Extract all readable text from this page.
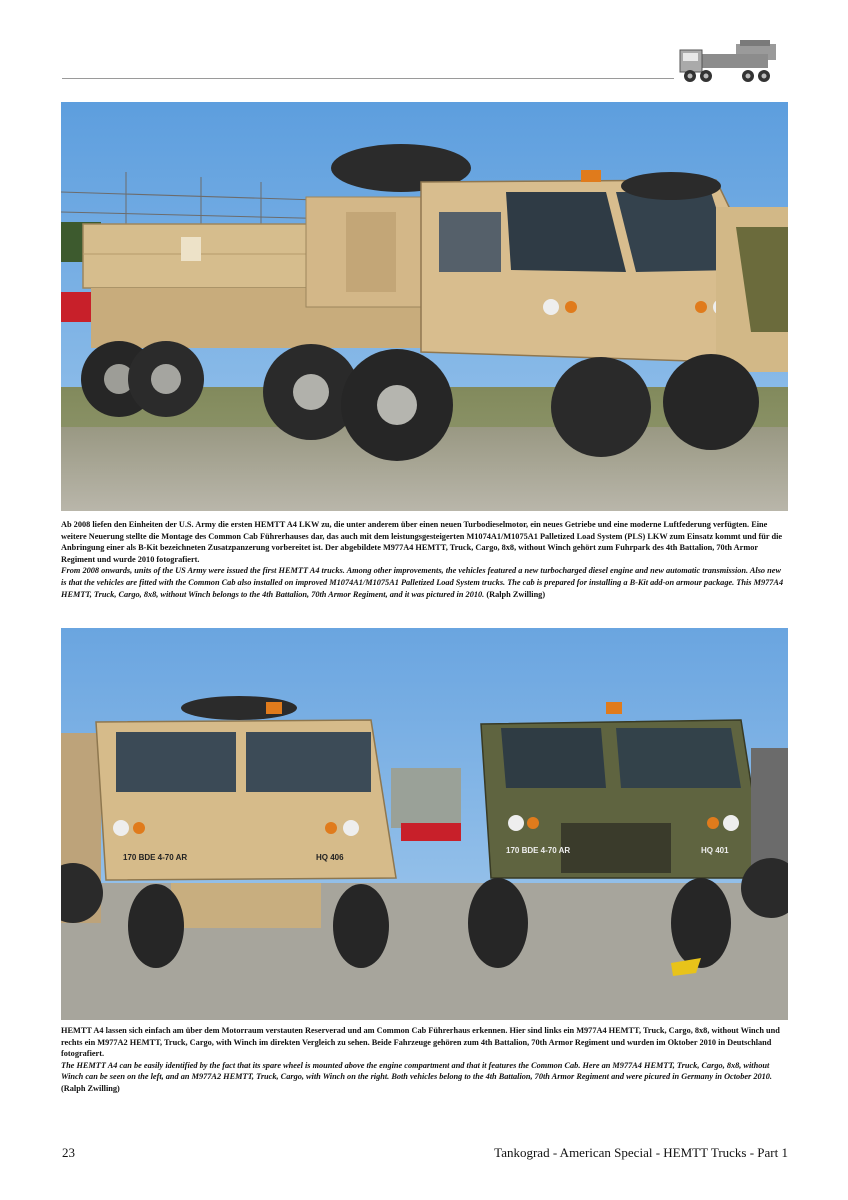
Ab 2008 liefen den Einheiten der U.S. Army die ersten HEMTT A4 LKW zu, die unter anderem über einen neuen Turbodieselmotor, ein neues Getriebe und eine moderne Luftfederung verfügten. Eine weitere Neuerung stellte die Montage des Common Cab Führerhauses dar, das auch mit dem leistungsgesteigerten M1074A1/M1075A1 Palletized Load System (PLS) LKW zum Einsatz kommt und für die Anbringung einer als B-Kit bezeichneten Zusatzpanzerung vorbereitet ist. Der abgebildete M977A4 HEMTT, Truck, Cargo, 8x8, without Winch gehört zum Fuhrpark des 4th Battalion, 70th Armor Regiment und wurde 2010 fotografiert.

From 2008 onwards, units of the US Army were issued the first HEMTT A4 trucks. Among other improvements, the vehicles featured a new turbocharged diesel engine and new automatic transmission. Also new is that the vehicles are fitted with the Common Cab also installed on improved M1074A1/M1075A1 Palletized Load System trucks. The cab is prepared for installing a B-Kit add-on armour package. This M977A4 HEMTT, Truck, Cargo, 8x8, without Winch belongs to the 4th Battalion, 70th Armor Regiment, and it was pictured in 2010. (Ralph Zwilling)

170 BDE 4-70 AR	HQ 406
170 BDE 4-70 AR	HQ 401

HEMTT A4 lassen sich einfach am über dem Motorraum verstauten Reserverad und am Common Cab Führerhaus erkennen. Hier sind links ein M977A4 HEMTT, Truck, Cargo, 8x8, without Winch und rechts ein M977A2 HEMTT, Truck, Cargo, with Winch im direkten Vergleich zu sehen. Beide Fahrzeuge gehören zum 4th Battalion, 70th Armor Regiment und wurden im Oktober 2010 in Deutschland fotografiert.

The HEMTT A4 can be easily identified by the fact that its spare wheel is mounted above the engine compartment and that it features the Common Cab. Here an M977A4 HEMTT, Truck, Cargo, 8x8, without Winch can be seen on the left, and an M977A2 HEMTT, Truck, Cargo, with Winch on the right. Both vehicles belong to the 4th Battalion, 70th Armor Regiment and were picured in Germany in October 2010. (Ralph Zwilling)

23	Tankograd - American Special - HEMTT Trucks - Part 1
